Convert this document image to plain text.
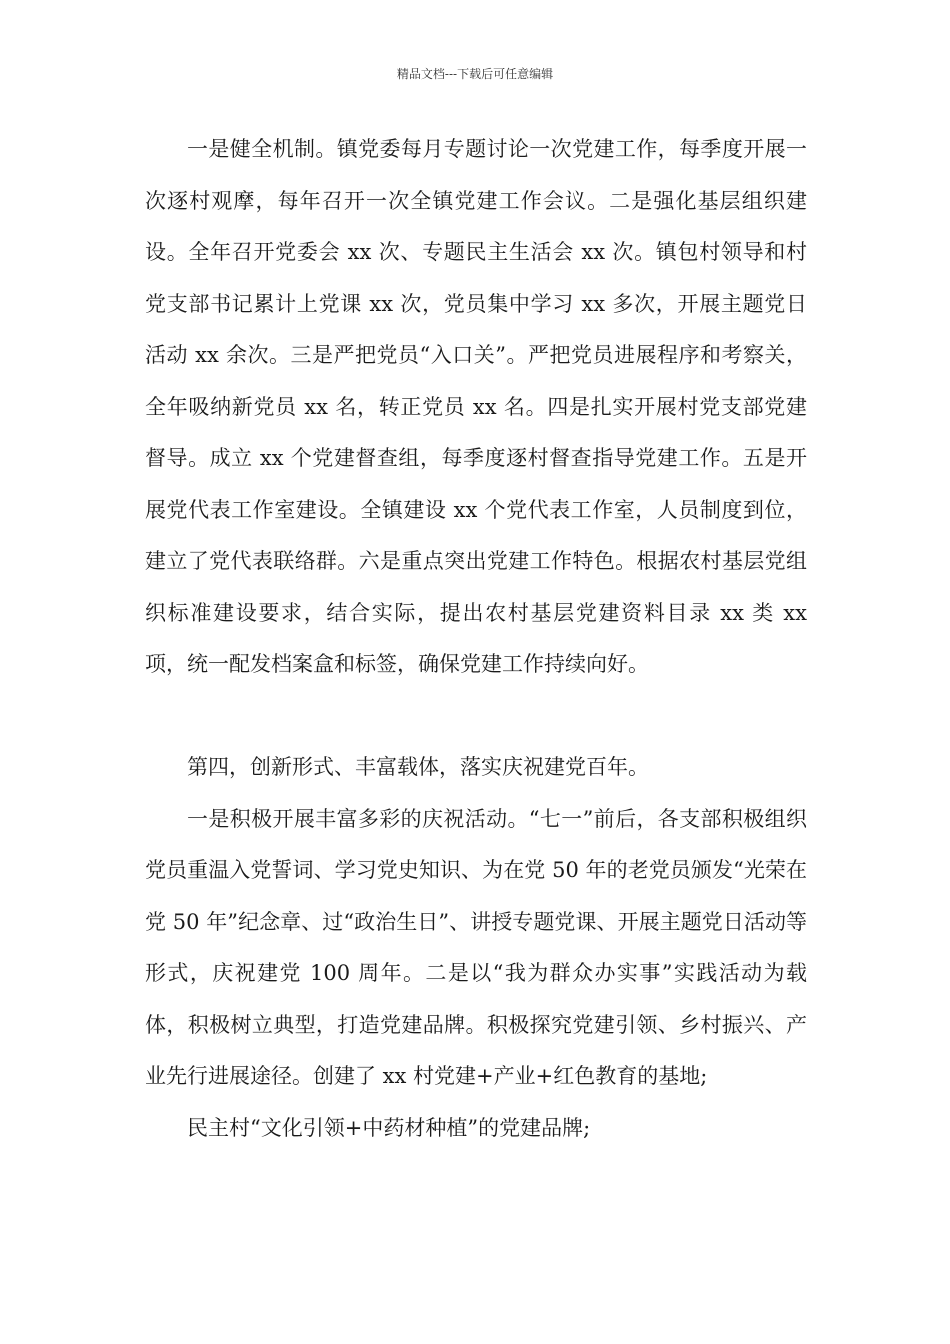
精品文档---下载后可任意编辑

一是健全机制。镇党委每月专题讨论一次党建工作，每季度开展一次逐村观摩，每年召开一次全镇党建工作会议。二是强化基层组织建设。全年召开党委会 xx 次、专题民主生活会 xx 次。镇包村领导和村党支部书记累计上党课 xx 次，党员集中学习 xx 多次，开展主题党日活动 xx 余次。三是严把党员“入口关”。严把党员进展程序和考察关，全年吸纳新党员 xx 名，转正党员 xx 名。四是扎实开展村党支部党建督导。成立 xx 个党建督查组，每季度逐村督查指导党建工作。五是开展党代表工作室建设。全镇建设 xx 个党代表工作室，人员制度到位，建立了党代表联络群。六是重点突出党建工作特色。根据农村基层党组织标准建设要求，结合实际，提出农村基层党建资料目录 xx 类 xx 项，统一配发档案盒和标签，确保党建工作持续向好。

第四，创新形式、丰富载体，落实庆祝建党百年。

一是积极开展丰富多彩的庆祝活动。“七一”前后，各支部积极组织党员重温入党誓词、学习党史知识、为在党 50 年的老党员颁发“光荣在党 50 年”纪念章、过“政治生日”、讲授专题党课、开展主题党日活动等形式，庆祝建党 100 周年。二是以“我为群众办实事”实践活动为载体，积极树立典型，打造党建品牌。积极探究党建引领、乡村振兴、产业先行进展途径。创建了 xx 村党建+产业+红色教育的基地;

民主村“文化引领+中药材种植”的党建品牌;
